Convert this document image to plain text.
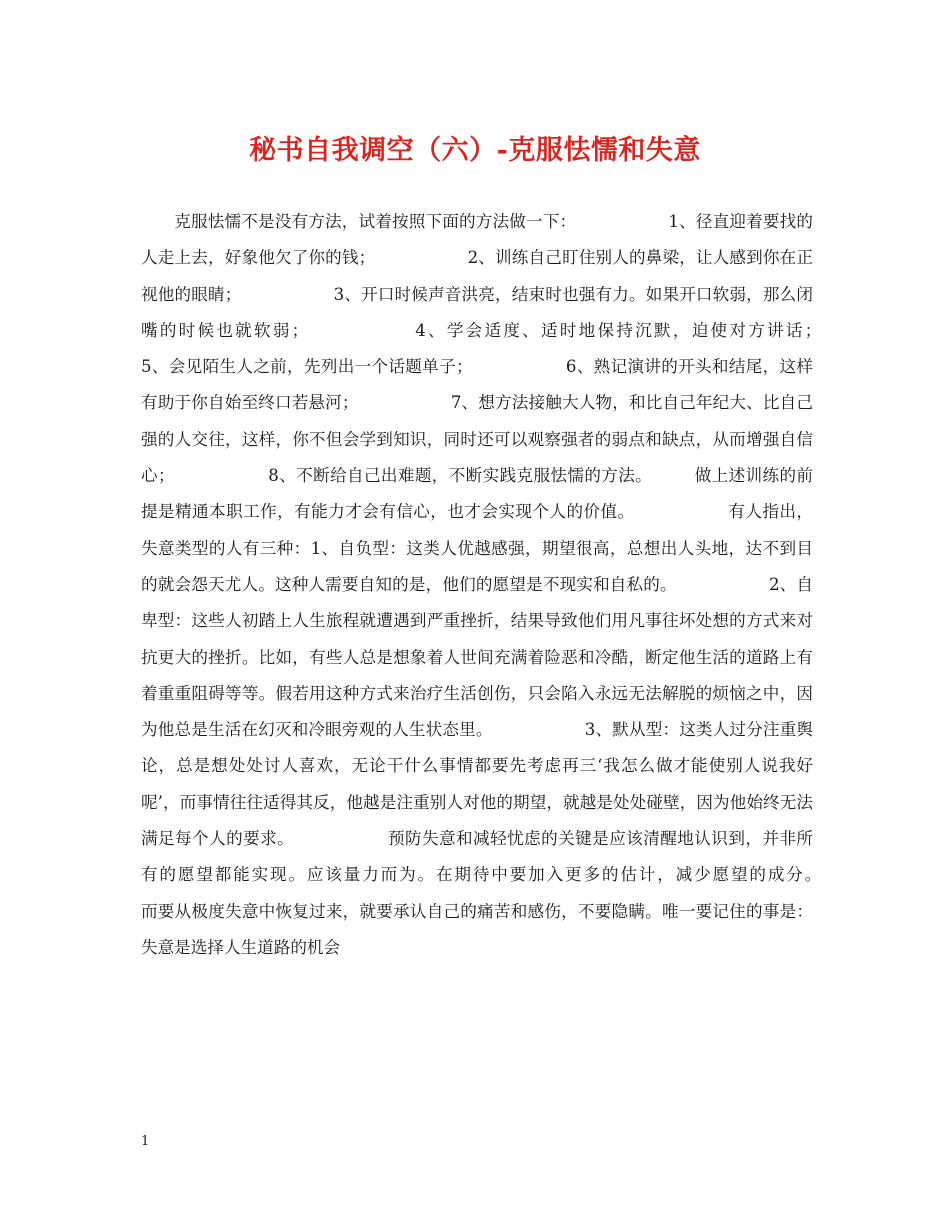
秘书自我调空（六）-克服怯懦和失意

克服怯懦不是没有方法，试着按照下面的方法做一下：　　　　　　1、径直迎着要找的人走上去，好象他欠了你的钱；　　　　　　2、训练自己盯住别人的鼻梁，让人感到你在正视他的眼睛；　　　　　　3、开口时候声音洪亮，结束时也强有力。如果开口软弱，那么闭嘴的时候也就软弱；　　　　　　4、学会适度、适时地保持沉默，迫使对方讲话；　　　　　　5、会见陌生人之前，先列出一个话题单子；　　　　　　6、熟记演讲的开头和结尾，这样有助于你自始至终口若悬河；　　　　　　7、想方法接触大人物，和比自己年纪大、比自己强的人交往，这样，你不但会学到知识，同时还可以观察强者的弱点和缺点，从而增强自信心；　　　　　　8、不断给自己出难题，不断实践克服怯懦的方法。　　　做上述训练的前提是精通本职工作，有能力才会有信心，也才会实现个人的价值。　　　　　　有人指出，失意类型的人有三种：1、自负型：这类人优越感强，期望很高，总想出人头地，达不到目的就会怨天尤人。这种人需要自知的是，他们的愿望是不现实和自私的。　　　　　　2、自卑型：这些人初踏上人生旅程就遭遇到严重挫折，结果导致他们用凡事往坏处想的方式来对抗更大的挫折。比如，有些人总是想象着人世间充满着险恶和冷酷，断定他生活的道路上有着重重阻碍等等。假若用这种方式来治疗生活创伤，只会陷入永远无法解脱的烦恼之中，因为他总是生活在幻灭和冷眼旁观的人生状态里。　　　　　　3、默从型：这类人过分注重舆论，总是想处处讨人喜欢，无论干什么事情都要先考虑再三‘我怎么做才能使别人说我好呢’，而事情往往适得其反，他越是注重别人对他的期望，就越是处处碰壁，因为他始终无法满足每个人的要求。　　　　　　预防失意和减轻忧虑的关键是应该清醒地认识到，并非所有的愿望都能实现。应该量力而为。在期待中要加入更多的估计，减少愿望的成分。　　　　　　而要从极度失意中恢复过来，就要承认自己的痛苦和感伤，不要隐瞒。唯一要记住的事是：失意是选择人生道路的机会

1
